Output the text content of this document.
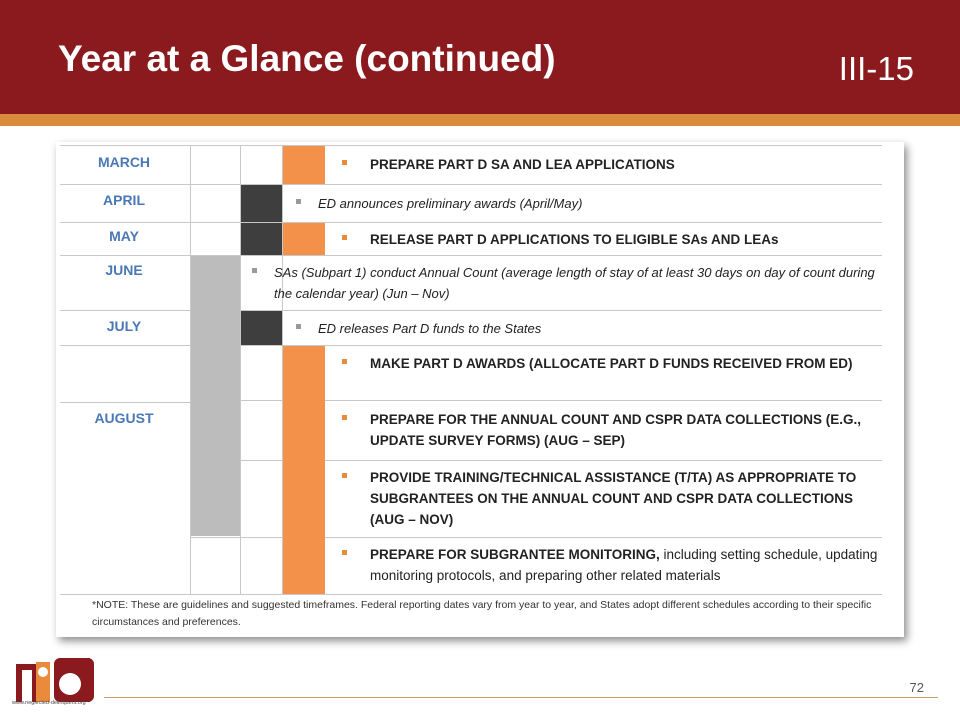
Year at a Glance (continued)	III-15
MARCH
APRIL
MAY
JUNE
JULY
AUGUST
PREPARE PART D SA AND LEA APPLICATIONS
ED announces preliminary awards (April/May)
RELEASE PART D APPLICATIONS TO ELIGIBLE SAs AND LEAs
SAs (Subpart 1) conduct Annual Count (average length of stay of at least 30 days on day of count during the calendar year) (Jun – Nov)
ED releases Part D funds to the States
MAKE PART D AWARDS (ALLOCATE PART D FUNDS RECEIVED FROM ED)
PREPARE FOR THE ANNUAL COUNT AND CSPR DATA COLLECTIONS (E.G., UPDATE SURVEY FORMS) (AUG – SEP)
PROVIDE TRAINING/TECHNICAL ASSISTANCE (T/TA) AS APPROPRIATE TO SUBGRANTEES ON THE ANNUAL COUNT AND CSPR DATA COLLECTIONS (AUG – NOV)
PREPARE FOR SUBGRANTEE MONITORING, including setting schedule, updating monitoring protocols, and preparing other related materials
*NOTE: These are guidelines and suggested timeframes. Federal reporting dates vary from year to year, and States adopt different schedules according to their specific circumstances and preferences.
www.neglected-delinquent.org
72
